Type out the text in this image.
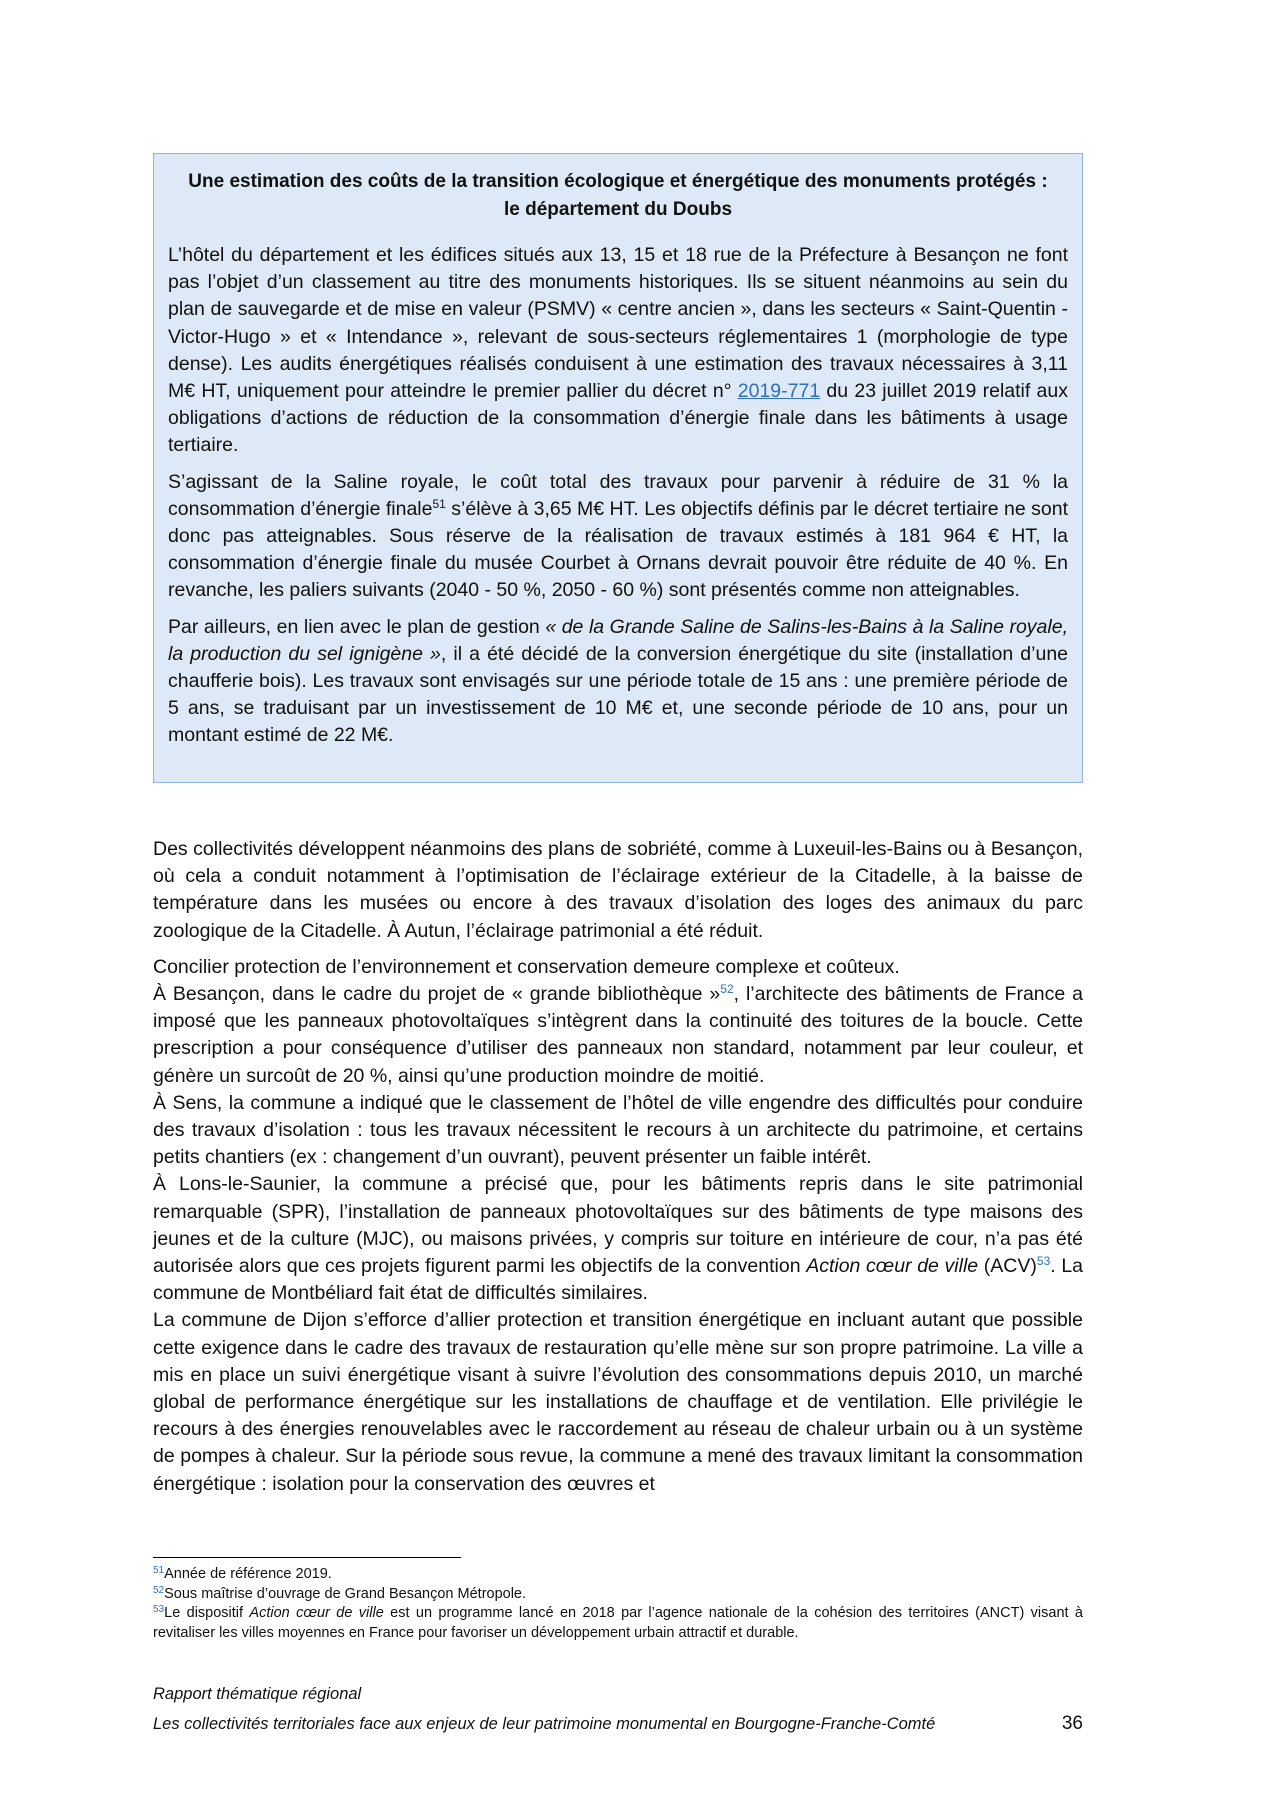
Une estimation des coûts de la transition écologique et énergétique des monuments protégés :
le département du Doubs

L’hôtel du département et les édifices situés aux 13, 15 et 18 rue de la Préfecture à Besançon ne font pas l’objet d’un classement au titre des monuments historiques. Ils se situent néanmoins au sein du plan de sauvegarde et de mise en valeur (PSMV) « centre ancien », dans les secteurs « Saint-Quentin - Victor-Hugo » et « Intendance », relevant de sous-secteurs réglementaires 1 (morphologie de type dense). Les audits énergétiques réalisés conduisent à une estimation des travaux nécessaires à 3,11 M€ HT, uniquement pour atteindre le premier pallier du décret n° 2019-771 du 23 juillet 2019 relatif aux obligations d’actions de réduction de la consommation d’énergie finale dans les bâtiments à usage tertiaire.

S’agissant de la Saline royale, le coût total des travaux pour parvenir à réduire de 31 % la consommation d’énergie finale$^{51}$ s’élève à 3,65 M€ HT. Les objectifs définis par le décret tertiaire ne sont donc pas atteignables. Sous réserve de la réalisation de travaux estimés à 181 964 € HT, la consommation d’énergie finale du musée Courbet à Ornans devrait pouvoir être réduite de 40 %. En revanche, les paliers suivants (2040 - 50 %, 2050 - 60 %) sont présentés comme non atteignables.

Par ailleurs, en lien avec le plan de gestion « de la Grande Saline de Salins-les-Bains à la Saline royale, la production du sel ignigène », il a été décidé de la conversion énergétique du site (installation d’une chaufferie bois). Les travaux sont envisagés sur une période totale de 15 ans : une première période de 5 ans, se traduisant par un investissement de 10 M€ et, une seconde période de 10 ans, pour un montant estimé de 22 M€.

Des collectivités développent néanmoins des plans de sobriété, comme à Luxeuil-les-Bains ou à Besançon, où cela a conduit notamment à l’optimisation de l’éclairage extérieur de la Citadelle, à la baisse de température dans les musées ou encore à des travaux d’isolation des loges des animaux du parc zoologique de la Citadelle. À Autun, l’éclairage patrimonial a été réduit.

Concilier protection de l’environnement et conservation demeure complexe et coûteux.

À Besançon, dans le cadre du projet de « grande bibliothèque »$^{52}$, l’architecte des bâtiments de France a imposé que les panneaux photovoltaïques s’intègrent dans la continuité des toitures de la boucle. Cette prescription a pour conséquence d’utiliser des panneaux non standard, notamment par leur couleur, et génère un surcoût de 20 %, ainsi qu’une production moindre de moitié.

À Sens, la commune a indiqué que le classement de l’hôtel de ville engendre des difficultés pour conduire des travaux d’isolation : tous les travaux nécessitent le recours à un architecte du patrimoine, et certains petits chantiers (ex : changement d’un ouvrant), peuvent présenter un faible intérêt.

À Lons-le-Saunier, la commune a précisé que, pour les bâtiments repris dans le site patrimonial remarquable (SPR), l’installation de panneaux photovoltaïques sur des bâtiments de type maisons des jeunes et de la culture (MJC), ou maisons privées, y compris sur toiture en intérieure de cour, n’a pas été autorisée alors que ces projets figurent parmi les objectifs de la convention Action cœur de ville (ACV)$^{53}$. La commune de Montbéliard fait état de difficultés similaires.

La commune de Dijon s’efforce d’allier protection et transition énergétique en incluant autant que possible cette exigence dans le cadre des travaux de restauration qu’elle mène sur son propre patrimoine. La ville a mis en place un suivi énergétique visant à suivre l’évolution des consommations depuis 2010, un marché global de performance énergétique sur les installations de chauffage et de ventilation. Elle privilégie le recours à des énergies renouvelables avec le raccordement au réseau de chaleur urbain ou à un système de pompes à chaleur. Sur la période sous revue, la commune a mené des travaux limitant la consommation énergétique : isolation pour la conservation des œuvres et

$^{51}$Année de référence 2019.

$^{52}$Sous maîtrise d’ouvrage de Grand Besançon Métropole.

$^{53}$Le dispositif Action cœur de ville est un programme lancé en 2018 par l’agence nationale de la cohésion des territoires (ANCT) visant à revitaliser les villes moyennes en France pour favoriser un développement urbain attractif et durable.

Rapport thématique régional
Les collectivités territoriales face aux enjeux de leur patrimoine monumental en Bourgogne-Franche-Comté	36
